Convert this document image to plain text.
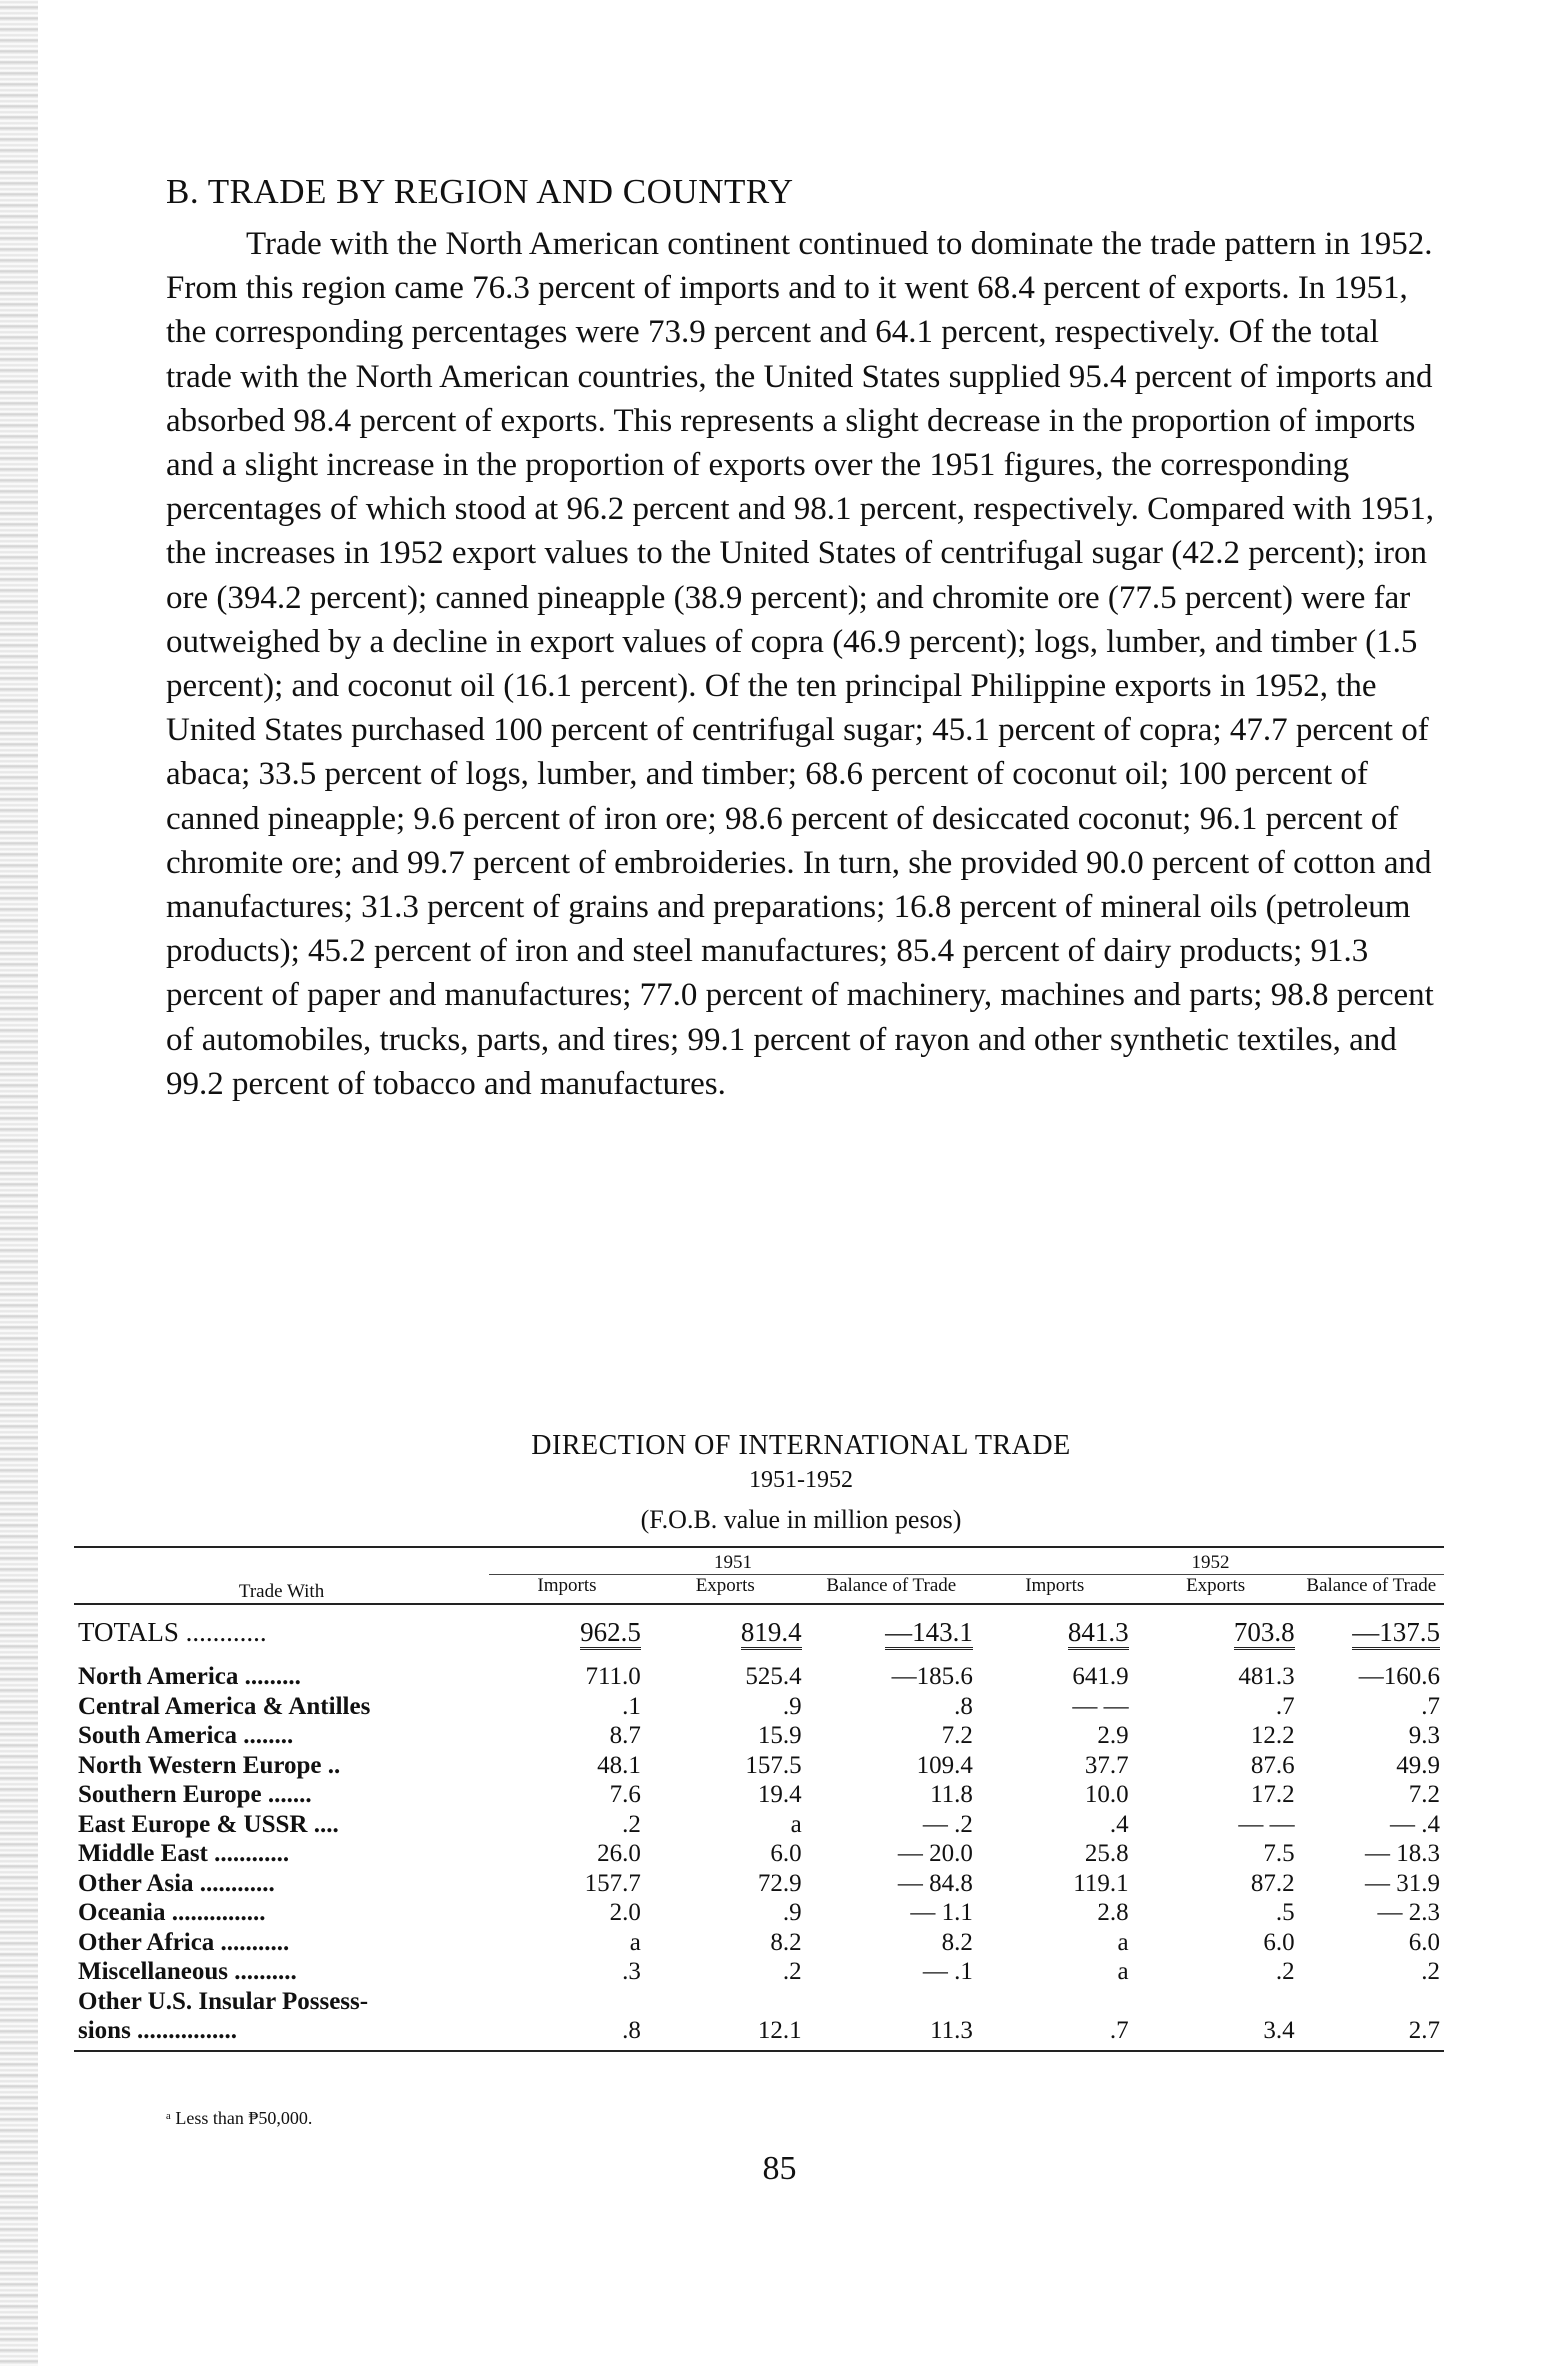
B. TRADE BY REGION AND COUNTRY

Trade with the North American continent continued to dominate the trade pattern in 1952. From this region came 76.3 percent of imports and to it went 68.4 percent of exports. In 1951, the corresponding percentages were 73.9 percent and 64.1 percent, respectively. Of the total trade with the North American countries, the United States supplied 95.4 percent of imports and absorbed 98.4 percent of exports. This represents a slight decrease in the proportion of imports and a slight increase in the proportion of exports over the 1951 figures, the corresponding percentages of which stood at 96.2 percent and 98.1 percent, respectively. Compared with 1951, the increases in 1952 export values to the United States of centrifugal sugar (42.2 percent); iron ore (394.2 percent); canned pineapple (38.9 percent); and chromite ore (77.5 percent) were far outweighed by a decline in export values of copra (46.9 percent); logs, lumber, and timber (1.5 percent); and coconut oil (16.1 percent). Of the ten principal Philippine exports in 1952, the United States purchased 100 percent of centrifugal sugar; 45.1 percent of copra; 47.7 percent of abaca; 33.5 percent of logs, lumber, and timber; 68.6 percent of coconut oil; 100 percent of canned pineapple; 9.6 percent of iron ore; 98.6 percent of desiccated coconut; 96.1 percent of chromite ore; and 99.7 percent of embroideries. In turn, she provided 90.0 percent of cotton and manufactures; 31.3 percent of grains and preparations; 16.8 percent of mineral oils (petroleum products); 45.2 percent of iron and steel manufactures; 85.4 percent of dairy products; 91.3 percent of paper and manufactures; 77.0 percent of machinery, machines and parts; 98.8 percent of automobiles, trucks, parts, and tires; 99.1 percent of rayon and other synthetic textiles, and 99.2 percent of tobacco and manufactures.

DIRECTION OF INTERNATIONAL TRADE
1951-1952
(F.O.B. value in million pesos)
Trade With	1951			1952		
	Imports	Exports	Balance of Trade	Imports	Exports	Balance of Trade
TOTALS ............	962.5	819.4	—143.1	841.3	703.8	—137.5
North America .........	711.0	525.4	—185.6	641.9	481.3	—160.6
Central America & Antilles	.1	.9	.8	— —	.7	.7
South America ........	8.7	15.9	7.2	2.9	12.2	9.3
North Western Europe ..	48.1	157.5	109.4	37.7	87.6	49.9
Southern Europe .......	7.6	19.4	11.8	10.0	17.2	7.2
East Europe & USSR ....	.2	a	— .2	.4	— —	— .4
Middle East ............	26.0	6.0	— 20.0	25.8	7.5	— 18.3
Other Asia ............	157.7	72.9	— 84.8	119.1	87.2	— 31.9
Oceania ...............	2.0	.9	— 1.1	2.8	.5	— 2.3
Other Africa ...........	a	8.2	8.2	a	6.0	6.0
Miscellaneous ..........	.3	.2	— .1	a	.2	.2
Other U.S. Insular Possess-						
sions ................	.8	12.1	11.3	.7	3.4	2.7
ᵃ Less than ₱50,000.
85
